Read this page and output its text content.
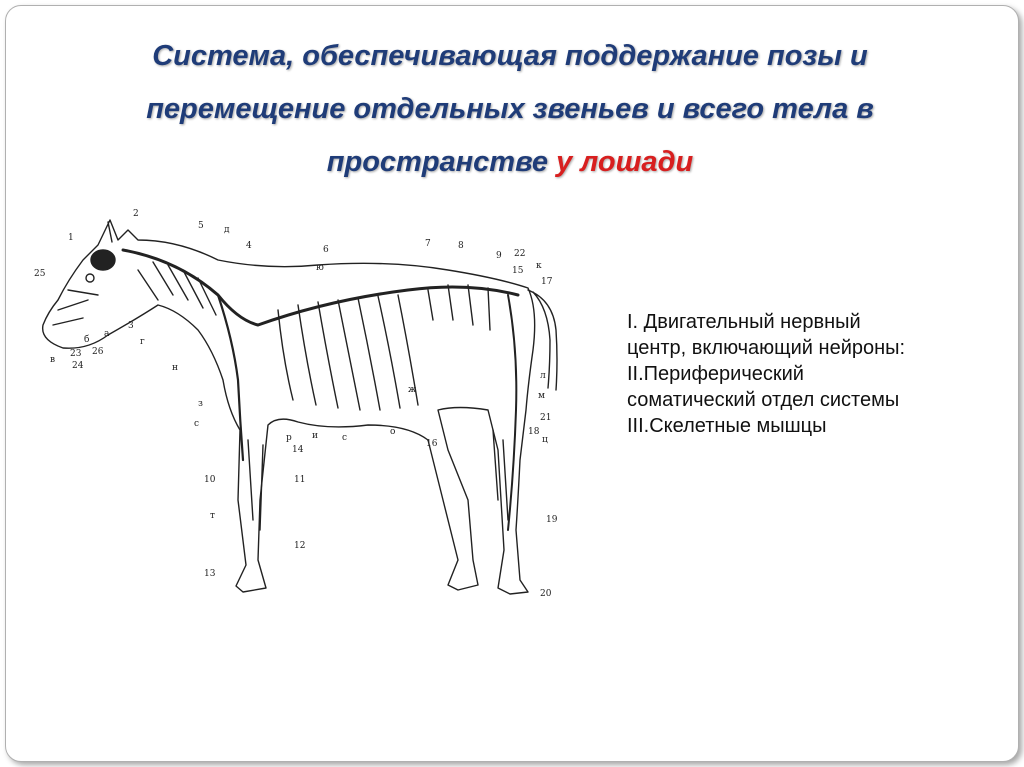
Система, обеспечивающая поддержание позы и перемещение отдельных звеньев и всего тела в пространстве у лошади
1
2
5 д
4	6
ю
7	8
9 22
15 к
17
25
23
24
в
б
26
а
3
г
н
з
с
р и
14
с
о
16
м
21
18
ц
10	11
т
12
13
19
20
л
ж
I. Двигательный нервный
центр, включающий нейроны:
II.Периферический
соматический отдел системы
III.Скелетные мышцы
